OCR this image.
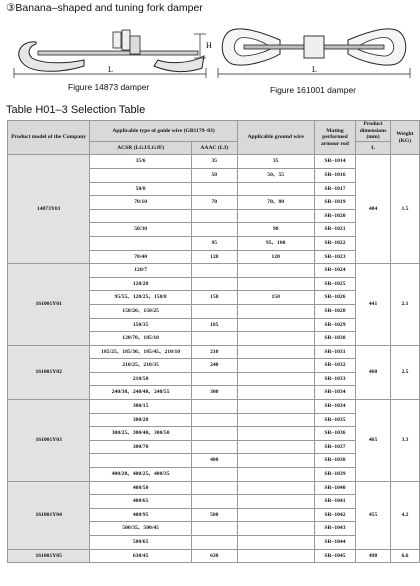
③Banana–shaped and tuning fork damper
H
L
Figure 14873 damper
L
Figure 161001 damper
Table H01–3 Selection Table
Product model of the Company	Applicable type of guide wire (GB1179–83)		Applicable ground wire	Mating performed armour rod	Product dimensions (mm)	Weight (KG)
	ACSR (LGJ/LGJF)	AAAC (LJ)			L	
14873Y01	35/6	35	35	SR–1014	404	1.5
		50	50、55	SR–1016		
	50/8			SR–1017		
	70/10	70	70、80	SR–1019		
				SR–1020		
	50/30		90	SR–1021		
		95	95、100	SR–1022		
	70/40	120	120	SR–1023		
161001Y01	120/7			SR–1024	441	2.1
	120/20			SR–1025		
	95/55、120/25、150/8	150	150	SR–1026		
	150/20、150/25			SR–1028		
	150/35	185		SR–1029		
	120/70、185/10			SR–1030		
161001Y02	185/25、185/30、185/45、210/10	210		SR–1031	460	2.5
	210/25、210/35	240		SR–1032		
	210/50			SR–1033		
	240/30、240/40、240/55	300		SR–1034		
161001Y03	300/15			SR–1034	465	3.3
	300/20			SR–1035		
	300/25、300/40、300/50			SR–1036		
	300/70			SR–1037		
		400		SR–1038		
	400/20、400/25、400/35			SR–1039		
161001Y04	400/50			SR–1040	455	4.2
	400/65			SR–1041		
	400/95	500		SR–1042		
	500/35、500/45			SR–1043		
	500/65			SR–1044		
161001Y05	630/45	630		SR–1045	498	6.6
